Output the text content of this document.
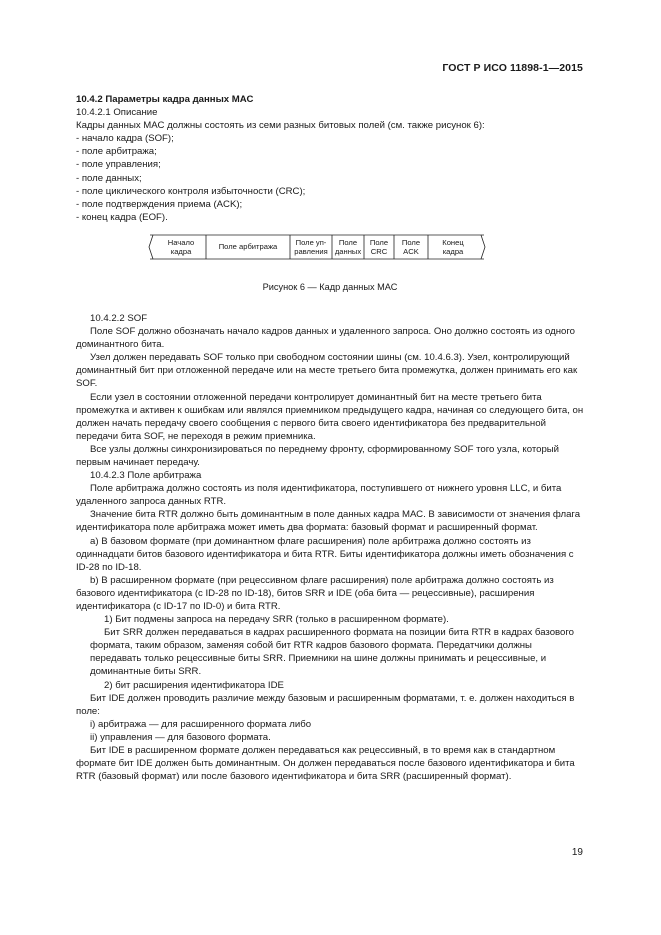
ГОСТ Р ИСО 11898-1—2015

10.4.2 Параметры кадра данных МАС

10.4.2.1 Описание

Кадры данных МАС должны состоять из семи разных битовых полей (см. также рисунок 6):

- начало кадра (SOF);

- поле арбитража;

- поле управления;

- поле данных;

- поле циклического контроля избыточности (CRC);

- поле подтверждения приема (ACK);

- конец кадра (EOF).

Начало
кадра
Поле арбитража
Поле уп-
равления
Поле
данных
Поле
CRC
Поле
ACK
Конец
кадра
Рисунок 6 — Кадр данных МАС

10.4.2.2 SOF

Поле SOF должно обозначать начало кадров данных и удаленного запроса. Оно должно состоять из одного доминантного бита.

Узел должен передавать SOF только при свободном состоянии шины (см. 10.4.6.3). Узел, контролирующий доминантный бит при отложенной передаче или на месте третьего бита промежутка, должен принимать его как SOF.

Если узел в состоянии отложенной передачи контролирует доминантный бит на месте третьего бита промежутка и активен к ошибкам или являлся приемником предыдущего кадра, начиная со следующего бита, он должен начать передачу своего сообщения с первого бита своего идентификатора без предварительной передачи бита SOF, не переходя в режим приемника.

Все узлы должны синхронизироваться по переднему фронту, сформированному SOF того узла, который первым начинает передачу.

10.4.2.3 Поле арбитража

Поле арбитража должно состоять из поля идентификатора, поступившего от нижнего уровня LLC, и бита удаленного запроса данных RTR.

Значение бита RTR должно быть доминантным в поле данных кадра МАС. В зависимости от значения флага идентификатора поле арбитража может иметь два формата: базовый формат и расширенный формат.

а) В базовом формате (при доминантном флаге расширения) поле арбитража должно состоять из одиннадцати битов базового идентификатора и бита RTR. Биты идентификатора должны иметь обозначения с ID-28 по ID-18.

b) В расширенном формате (при рецессивном флаге расширения) поле арбитража должно состоять из базового идентификатора (с ID-28 по ID-18), битов SRR и IDE (оба бита — рецессивные), расширения идентификатора (с ID-17 по ID-0) и бита RTR.

1) Бит подмены запроса на передачу SRR (только в расширенном формате).

Бит SRR должен передаваться в кадрах расширенного формата на позиции бита RTR в кадрах базового формата, таким образом, заменяя собой бит RTR кадров базового формата. Передатчики должны передавать только рецессивные биты SRR. Приемники на шине должны принимать и рецессивные, и доминантные биты SRR.

2) бит расширения идентификатора IDE

Бит IDE должен проводить различие между базовым и расширенным форматами, т. е. должен находиться в поле:

i) арбитража — для расширенного формата либо

ii) управления — для базового формата.

Бит IDE в расширенном формате должен передаваться как рецессивный, в то время как в стандартном формате бит IDE должен быть доминантным. Он должен передаваться после базового идентификатора и бита RTR (базовый формат) или после базового идентификатора и бита SRR (расширенный формат).

19
